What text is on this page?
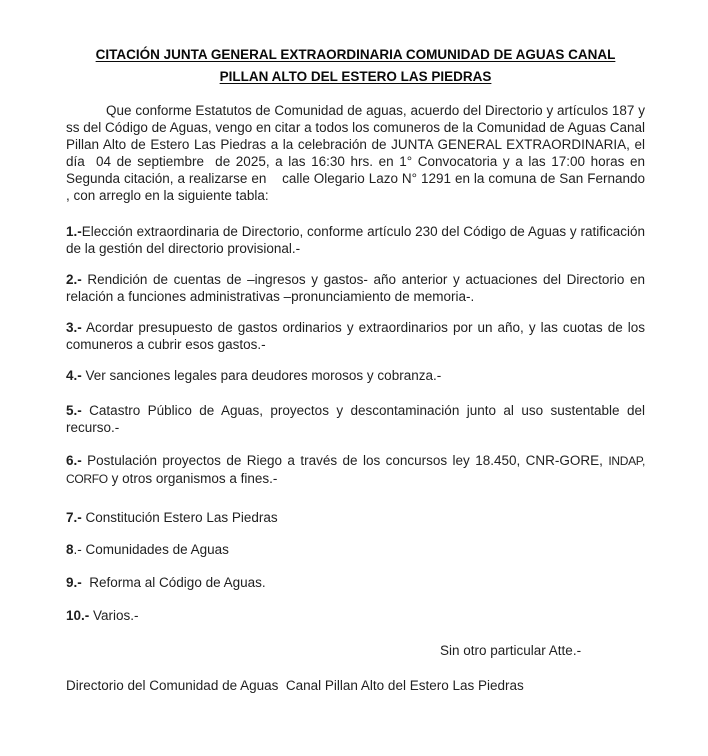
CITACIÓN JUNTA GENERAL EXTRAORDINARIA COMUNIDAD DE AGUAS CANAL
PILLAN ALTO DEL ESTERO LAS PIEDRAS

Que conforme Estatutos de Comunidad de aguas, acuerdo del Directorio y artículos 187 y ss del Código de Aguas, vengo en citar a todos los comuneros de la Comunidad de Aguas Canal Pillan Alto de Estero Las Piedras a la celebración de JUNTA GENERAL EXTRAORDINARIA, el día  04 de septiembre  de 2025, a las 16:30 hrs. en 1° Convocatoria y a las 17:00 horas en Segunda citación, a realizarse en    calle Olegario Lazo N° 1291 en la comuna de San Fernando , con arreglo en la siguiente tabla:

1.-Elección extraordinaria de Directorio, conforme artículo 230 del Código de Aguas y ratificación de la gestión del directorio provisional.-

2.- Rendición de cuentas de –ingresos y gastos- año anterior y actuaciones del Directorio en relación a funciones administrativas –pronunciamiento de memoria-.

3.- Acordar presupuesto de gastos ordinarios y extraordinarios por un año, y las cuotas de los comuneros a cubrir esos gastos.-

4.- Ver sanciones legales para deudores morosos y cobranza.-

5.- Catastro Público de Aguas, proyectos y descontaminación junto al uso sustentable del recurso.-

6.- Postulación proyectos de Riego a través de los concursos ley 18.450, CNR-GORE, INDAP, CORFO y otros organismos a fines.-

7.- Constitución Estero Las Piedras

8.- Comunidades de Aguas

9.-  Reforma al Código de Aguas.

10.- Varios.-

Sin otro particular Atte.-

Directorio del Comunidad de Aguas  Canal Pillan Alto del Estero Las Piedras
